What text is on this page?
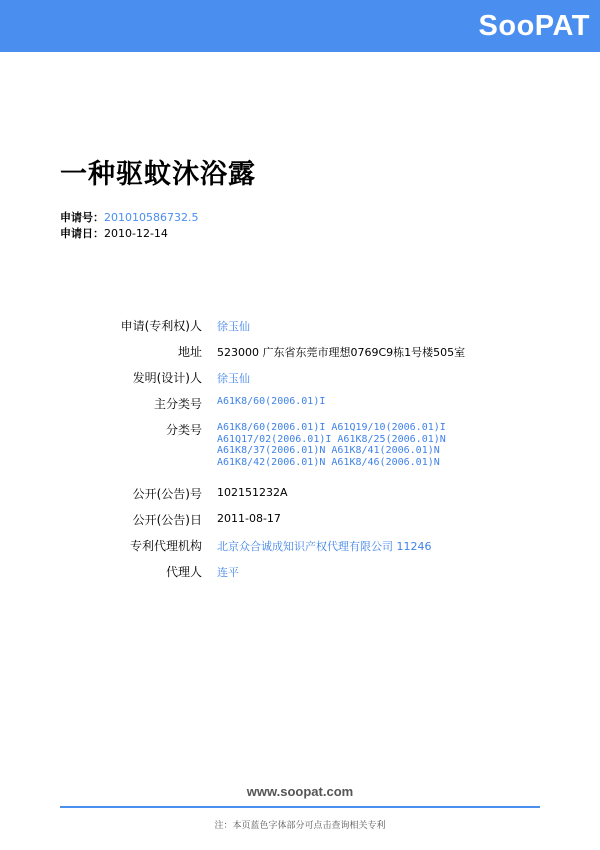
SooPAT
一种驱蚊沐浴露
申请号：201010586732.5
申请日：2010-12-14
申请(专利权)人 徐玉仙
地址 523000 广东省东莞市理想0769C9栋1号楼505室
发明(设计)人 徐玉仙
主分类号 A61K8/60(2006.01)I
分类号 A61K8/60(2006.01)I A61Q19/10(2006.01)I
A61Q17/02(2006.01)I A61K8/25(2006.01)N
A61K8/37(2006.01)N A61K8/41(2006.01)N
A61K8/42(2006.01)N A61K8/46(2006.01)N
公开(公告)号 102151232A
公开(公告)日 2011-08-17
专利代理机构 北京众合诚成知识产权代理有限公司 11246
代理人 连平
www.soopat.com
注：本页蓝色字体部分可点击查询相关专利
